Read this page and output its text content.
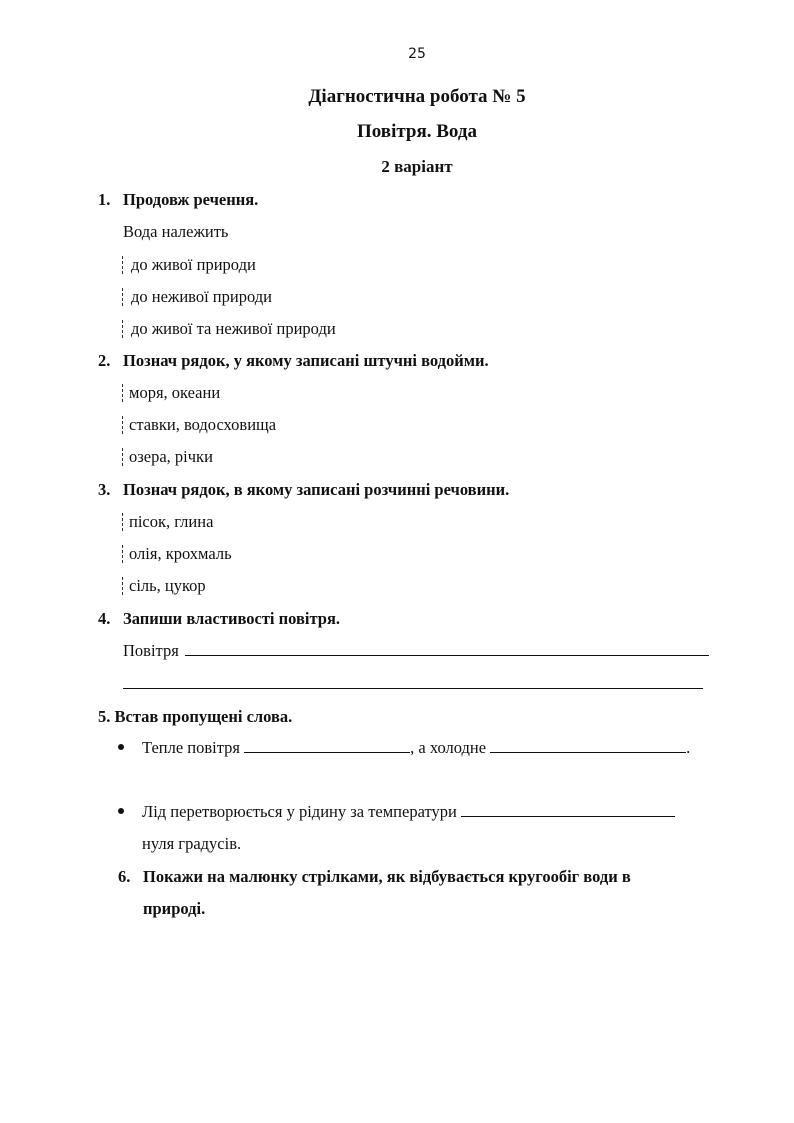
25
Діагностична робота № 5
Повітря. Вода
2 варіант
1. Продовж речення.
Вода належить
до живої природи
до неживої природи
до живої та неживої природи
2. Познач рядок, у якому записані штучні водойми.
моря, океани
ставки, водосховища
озера, річки
3. Познач рядок, в якому записані розчинні речовини.
пісок, глина
олія, крохмаль
сіль, цукор
4. Запиши властивості повітря.
Повітря
5. Встав пропущені слова.
Тепле повітря	, а холодне	.
Лід перетворюється у рідину за температури
нуля градусів.
6. Покажи на малюнку стрілками, як відбувається кругообіг води в
природі.
